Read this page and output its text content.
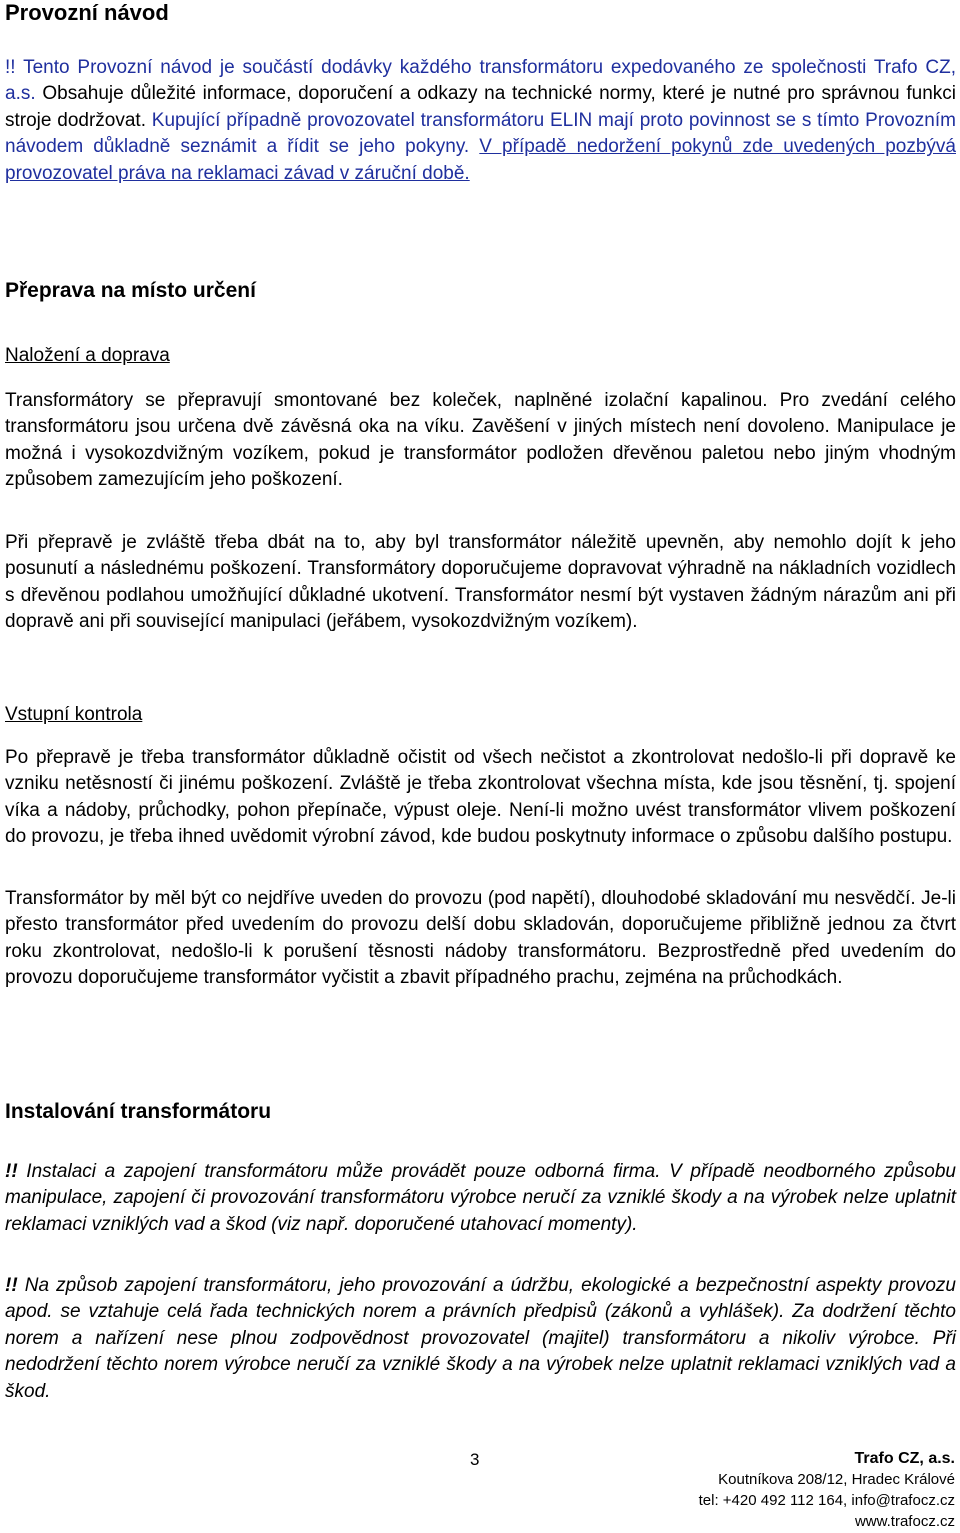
Provozní návod

!! Tento Provozní návod je součástí dodávky každého transformátoru expedovaného ze společnosti Trafo CZ, a.s. Obsahuje důležité informace, doporučení a odkazy na technické normy, které je nutné pro správnou funkci stroje dodržovat. Kupující případně provozovatel transformátoru ELIN mají proto povinnost se s tímto Provozním návodem důkladně seznámit a řídit se jeho pokyny. V případě nedoržení pokynů zde uvedených pozbývá provozovatel práva na reklamaci závad v záruční době.

Přeprava na místo určení
Naložení a doprava

Transformátory se přepravují smontované bez koleček, naplněné izolační kapalinou. Pro zvedání celého transformátoru jsou určena dvě závěsná oka na víku. Zavěšení v jiných místech není dovoleno. Manipulace je možná i vysokozdvižným vozíkem, pokud je transformátor podložen dřevěnou paletou nebo jiným vhodným způsobem zamezujícím jeho poškození.

Při přepravě je zvláště třeba dbát na to, aby byl transformátor náležitě upevněn, aby nemohlo dojít k jeho posunutí a následnému poškození. Transformátory doporučujeme dopravovat výhradně na nákladních vozidlech s dřevěnou podlahou umožňující důkladné ukotvení. Transformátor nesmí být vystaven žádným nárazům ani při dopravě ani při související manipulaci (jeřábem, vysokozdvižným vozíkem).

Vstupní kontrola

Po přepravě je třeba transformátor důkladně očistit od všech nečistot a zkontrolovat nedošlo-li při dopravě ke vzniku netěsností či jinému poškození. Zvláště je třeba zkontrolovat všechna místa, kde jsou těsnění, tj. spojení víka a nádoby, průchodky, pohon přepínače, výpust oleje. Není-li možno uvést transformátor vlivem poškození do provozu, je třeba ihned uvědomit výrobní závod, kde budou poskytnuty informace o způsobu dalšího postupu.

Transformátor by měl být co nejdříve uveden do provozu (pod napětí), dlouhodobé skladování mu nesvědčí. Je-li přesto transformátor před uvedením do provozu delší dobu skladován, doporučujeme přibližně jednou za čtvrt roku zkontrolovat, nedošlo-li k porušení těsnosti nádoby transformátoru. Bezprostředně před uvedením do provozu doporučujeme transformátor vyčistit a zbavit případného prachu, zejména na průchodkách.

Instalování transformátoru

!! Instalaci a zapojení transformátoru může provádět pouze odborná firma. V případě neodborného způsobu manipulace, zapojení či provozování transformátoru výrobce neručí za vzniklé škody a na výrobek nelze uplatnit reklamaci vzniklých vad a škod (viz např. doporučené utahovací momenty).

!! Na způsob zapojení transformátoru, jeho provozování a údržbu, ekologické a bezpečnostní aspekty provozu apod. se vztahuje celá řada technických norem a právních předpisů (zákonů a vyhlášek). Za dodržení těchto norem a nařízení nese plnou zodpovědnost provozovatel (majitel) transformátoru a nikoliv výrobce. Při nedodržení těchto norem výrobce neručí za vzniklé škody a na výrobek nelze uplatnit reklamaci vzniklých vad a škod.

3	Trafo CZ, a.s.
Koutníkova 208/12, Hradec Králové
tel: +420 492 112 164, info@trafocz.cz
www.trafocz.cz
